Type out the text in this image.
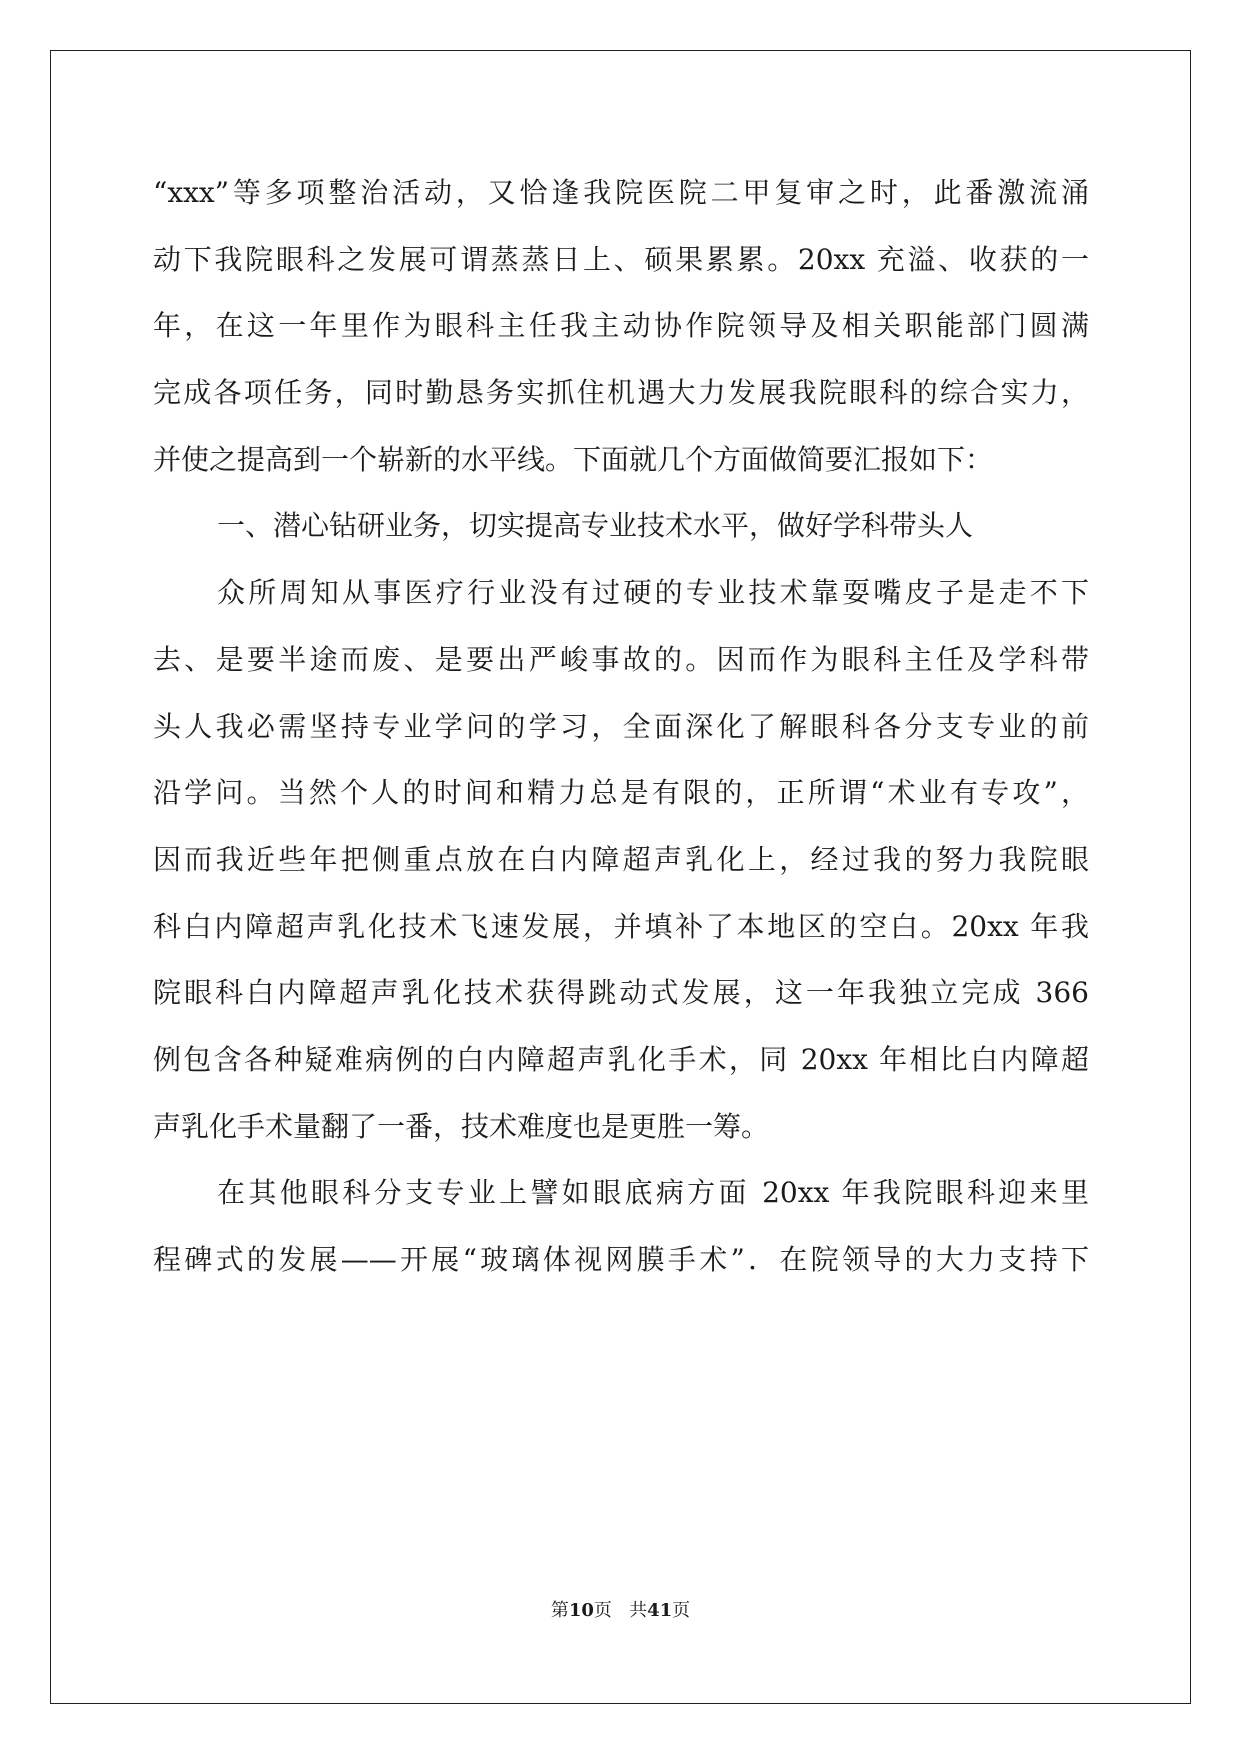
“xxx”等多项整治活动，又恰逢我院医院二甲复审之时，此番激流涌
动下我院眼科之发展可谓蒸蒸日上、硕果累累。20xx 充溢、收获的一
年，在这一年里作为眼科主任我主动协作院领导及相关职能部门圆满
完成各项任务，同时勤恳务实抓住机遇大力发展我院眼科的综合实力，
并使之提高到一个崭新的水平线。下面就几个方面做简要汇报如下：
一、潜心钻研业务，切实提高专业技术水平，做好学科带头人
众所周知从事医疗行业没有过硬的专业技术靠耍嘴皮子是走不下
去、是要半途而废、是要出严峻事故的。因而作为眼科主任及学科带
头人我必需坚持专业学问的学习，全面深化了解眼科各分支专业的前
沿学问。当然个人的时间和精力总是有限的，正所谓“术业有专攻”，
因而我近些年把侧重点放在白内障超声乳化上，经过我的努力我院眼
科白内障超声乳化技术飞速发展，并填补了本地区的空白。20xx 年我
院眼科白内障超声乳化技术获得跳动式发展，这一年我独立完成 366
例包含各种疑难病例的白内障超声乳化手术，同 20xx 年相比白内障超
声乳化手术量翻了一番，技术难度也是更胜一筹。
在其他眼科分支专业上譬如眼底病方面 20xx 年我院眼科迎来里
程碑式的发展——开展“玻璃体视网膜手术”．在院领导的大力支持下
第10页   共41页
